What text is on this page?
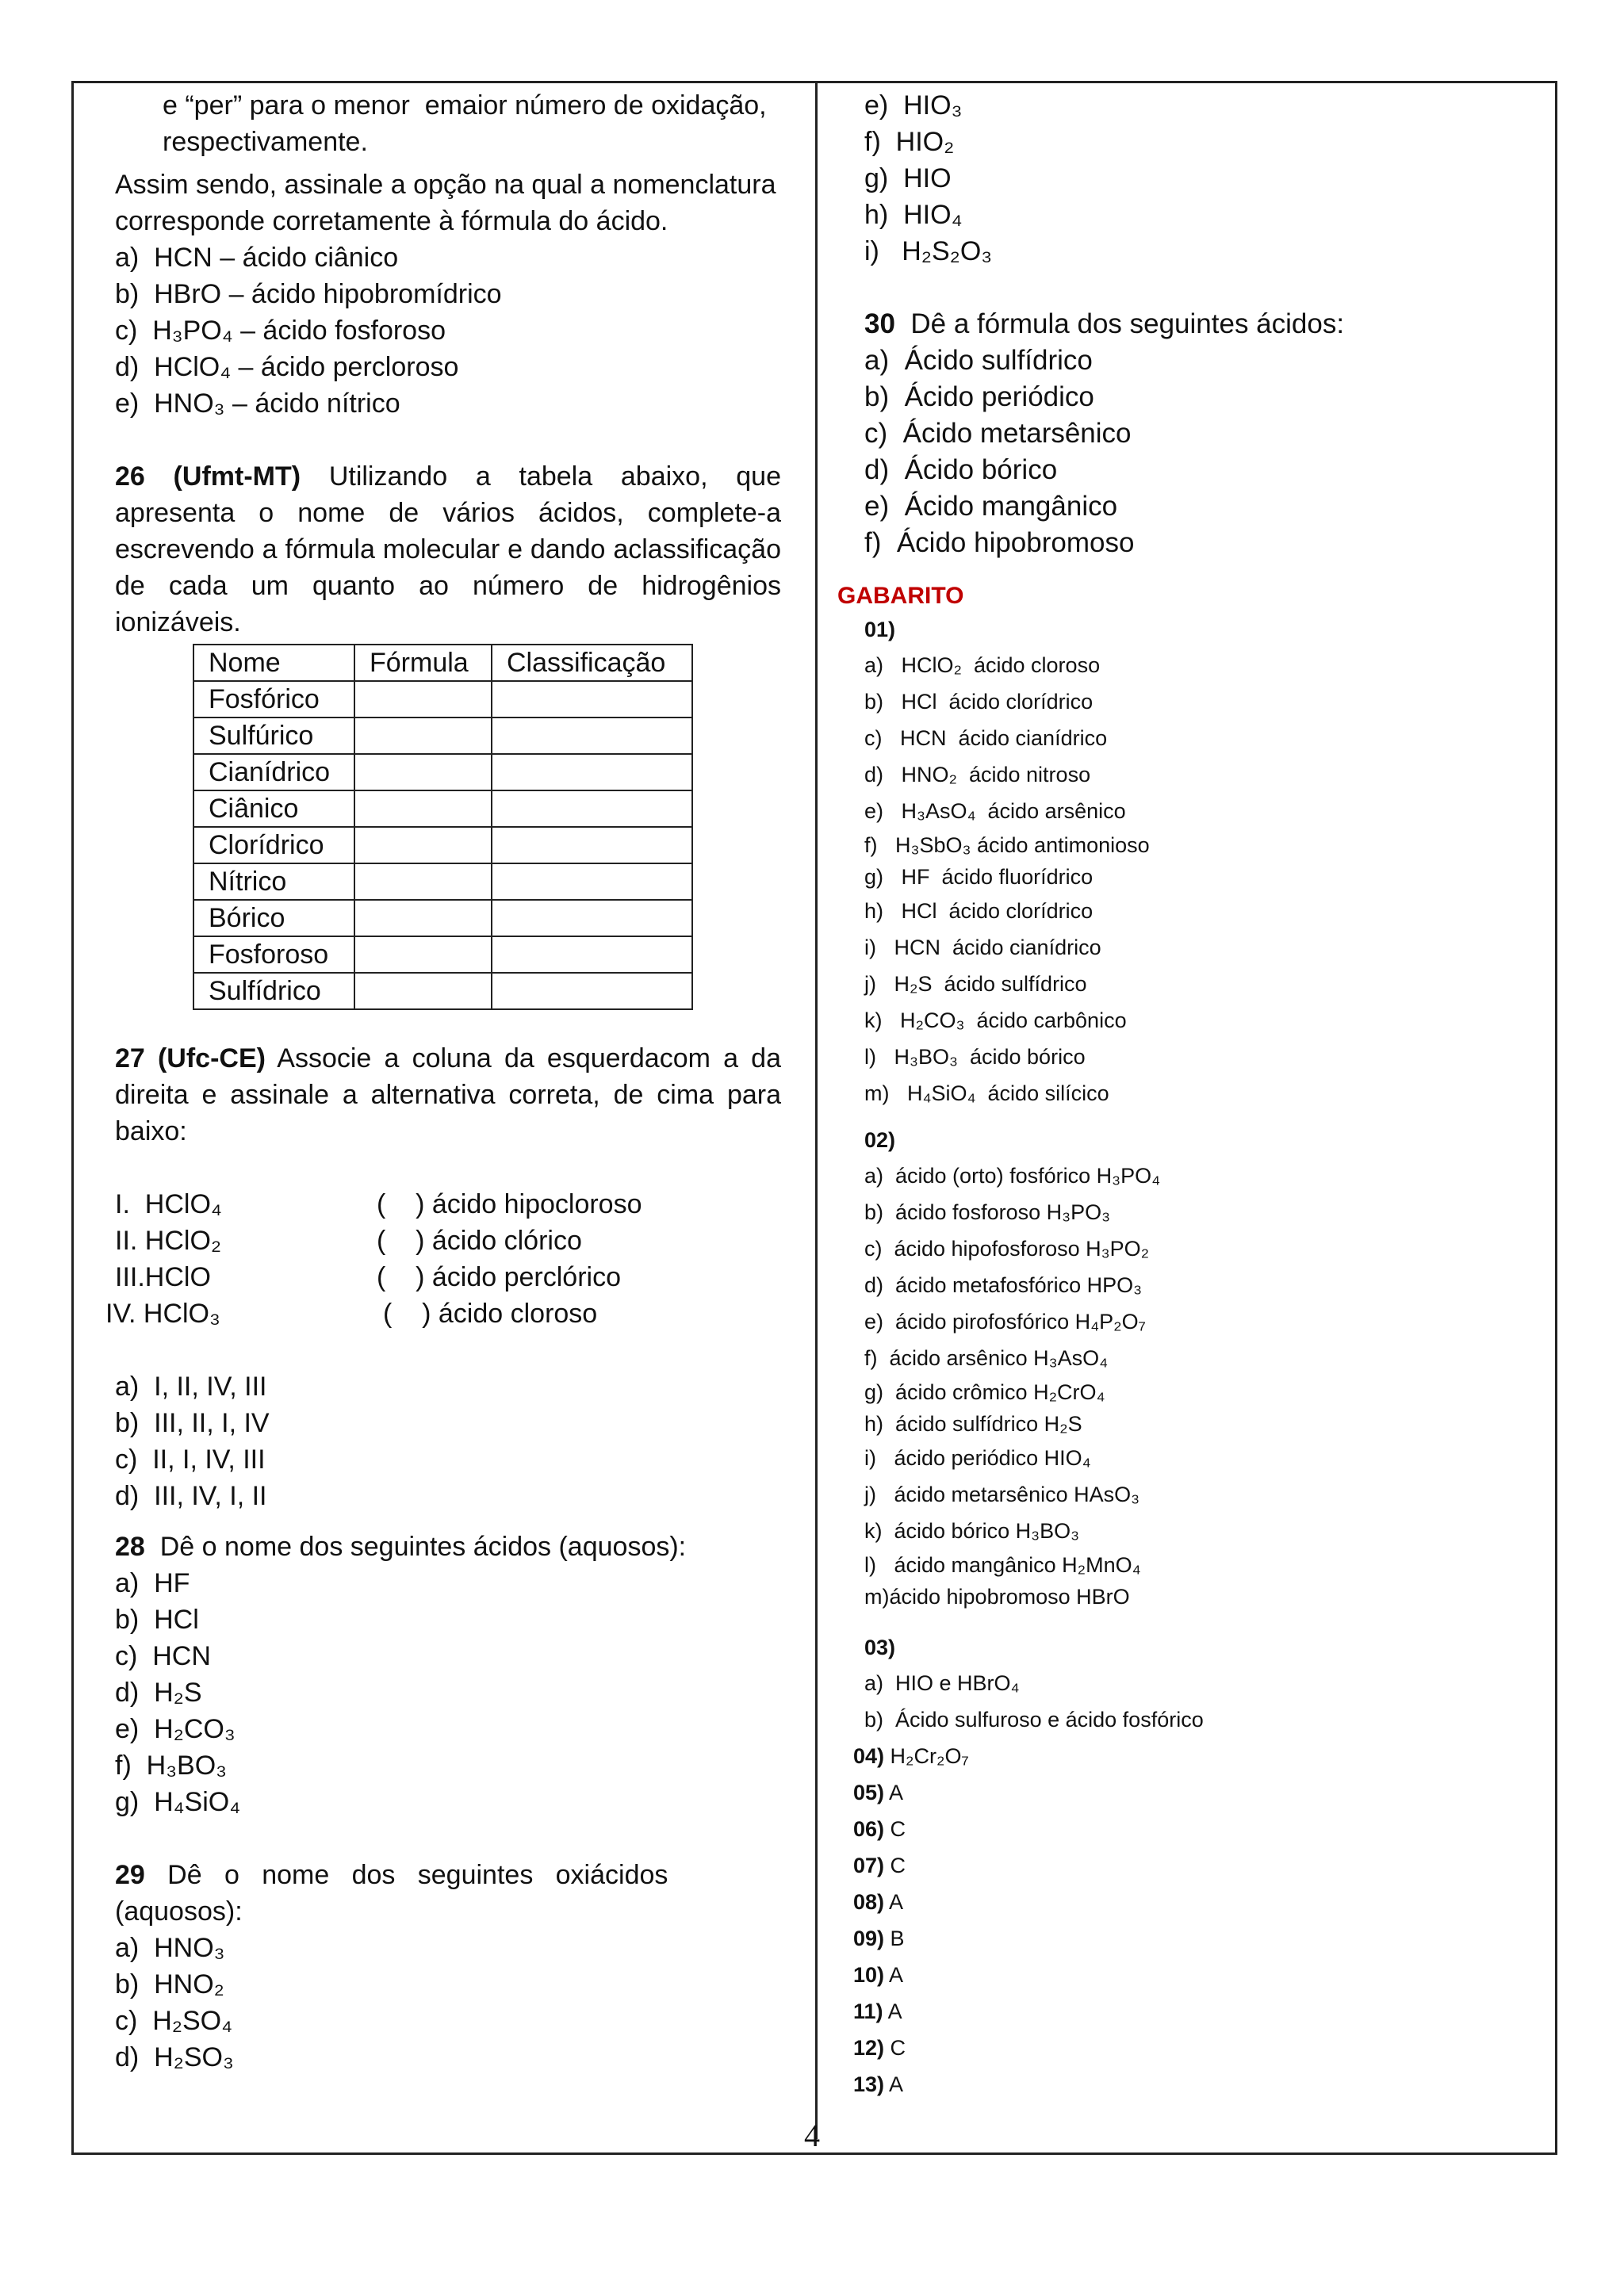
e “per” para o menor  emaior número de oxidação,
respectivamente.
Assim sendo, assinale a opção na qual a nomenclatura
corresponde corretamente à fórmula do ácido.
a)  HCN – ácido ciânico
b)  HBrO – ácido hipobromídrico
c)  H₃PO₄ – ácido fosforoso
d)  HClO₄ – ácido percloroso
e)  HNO₃ – ácido nítrico
26 (Ufmt-MT) Utilizando a tabela abaixo, que
apresenta o nome de vários ácidos, complete-a
escrevendo a fórmula molecular e dando aclassificação
de cada um quanto ao número de hidrogênios
ionizáveis.
Nome	Fórmula	Classificação
Fosfórico		
Sulfúrico		
Cianídrico		
Ciânico		
Clorídrico		
Nítrico		
Bórico		
Fosforoso		
Sulfídrico		
27 (Ufc-CE) Associe a coluna da esquerdacom a da
direita e assinale a alternativa correta, de cima para
baixo:
I.  HClO₄	(    ) ácido hipocloroso
II. HClO₂	(    ) ácido clórico
III.HClO	(    ) ácido perclórico
IV. HClO₃	(    ) ácido cloroso
a)  I, II, IV, III
b)  III, II, I, IV
c)  II, I, IV, III
d)  III, IV, I, II
28 Dê o nome dos seguintes ácidos (aquosos):
a)  HF
b)  HCl
c)  HCN
d)  H₂S
e)  H₂CO₃
f)  H₃BO₃
g)  H₄SiO₄
29 Dê   o   nome   dos   seguintes   oxiácidos
(aquosos):
a)  HNO₃
b)  HNO₂
c)  H₂SO₄
d)  H₂SO₃
e)  HIO₃
f)  HIO₂
g)  HIO
h)  HIO₄
i)   H₂S₂O₃
30 Dê a fórmula dos seguintes ácidos:
a)  Ácido sulfídrico
b)  Ácido periódico
c)  Ácido metarsênico
d)  Ácido bórico
e)  Ácido mangânico
f)  Ácido hipobromoso
GABARITO
01)
a)   HClO₂  ácido cloroso
b)   HCl  ácido clorídrico
c)   HCN  ácido cianídrico
d)   HNO₂  ácido nitroso
e)   H₃AsO₄  ácido arsênico
f)   H₃SbO₃ ácido antimonioso
g)   HF  ácido fluorídrico
h)   HCl  ácido clorídrico
i)   HCN  ácido cianídrico
j)   H₂S  ácido sulfídrico
k)   H₂CO₃  ácido carbônico
l)   H₃BO₃  ácido bórico
m)   H₄SiO₄  ácido silícico
02)
a)  ácido (orto) fosfórico H₃PO₄
b)  ácido fosforoso H₃PO₃
c)  ácido hipofosforoso H₃PO₂
d)  ácido metafosfórico HPO₃
e)  ácido pirofosfórico H₄P₂O₇
f)  ácido arsênico H₃AsO₄
g)  ácido crômico H₂CrO₄
h)  ácido sulfídrico H₂S
i)   ácido periódico HIO₄
j)   ácido metarsênico HAsO₃
k)  ácido bórico H₃BO₃
l)   ácido mangânico H₂MnO₄
m)ácido hipobromoso HBrO
03)
a)  HIO e HBrO₄
b)  Ácido sulfuroso e ácido fosfórico
04) H₂Cr₂O₇
05) A
06) C
07) C
08) A
09) B
10) A
11) A
12) C
13) A
4
